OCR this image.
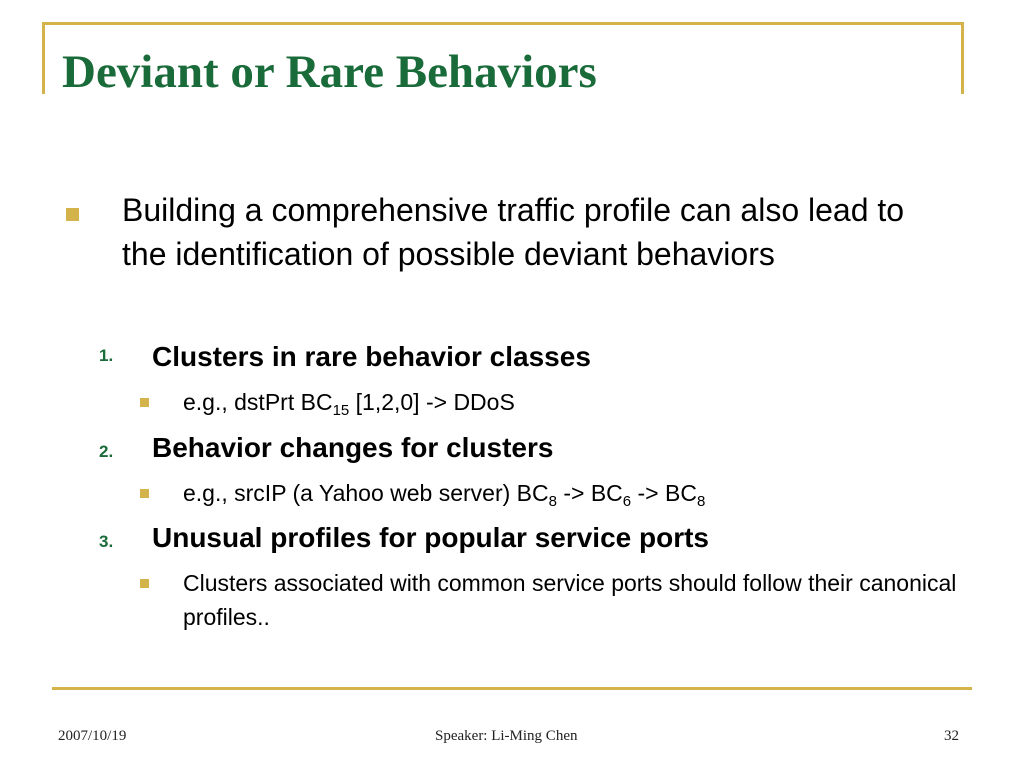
Deviant or Rare Behaviors

Building a comprehensive traffic profile can also lead to the identification of possible deviant behaviors

1.	Clusters in rare behavior classes

e.g., dstPrt $BC_{15}$ [1,2,0] -> DDoS

2.	Behavior changes for clusters

e.g., srcIP (a Yahoo web server) $BC_8 -> BC_6 -> BC_8$

3.	Unusual profiles for popular service ports

Clusters associated with common service ports should follow their canonical profiles..

2007/10/19	Speaker: Li-Ming Chen	32
